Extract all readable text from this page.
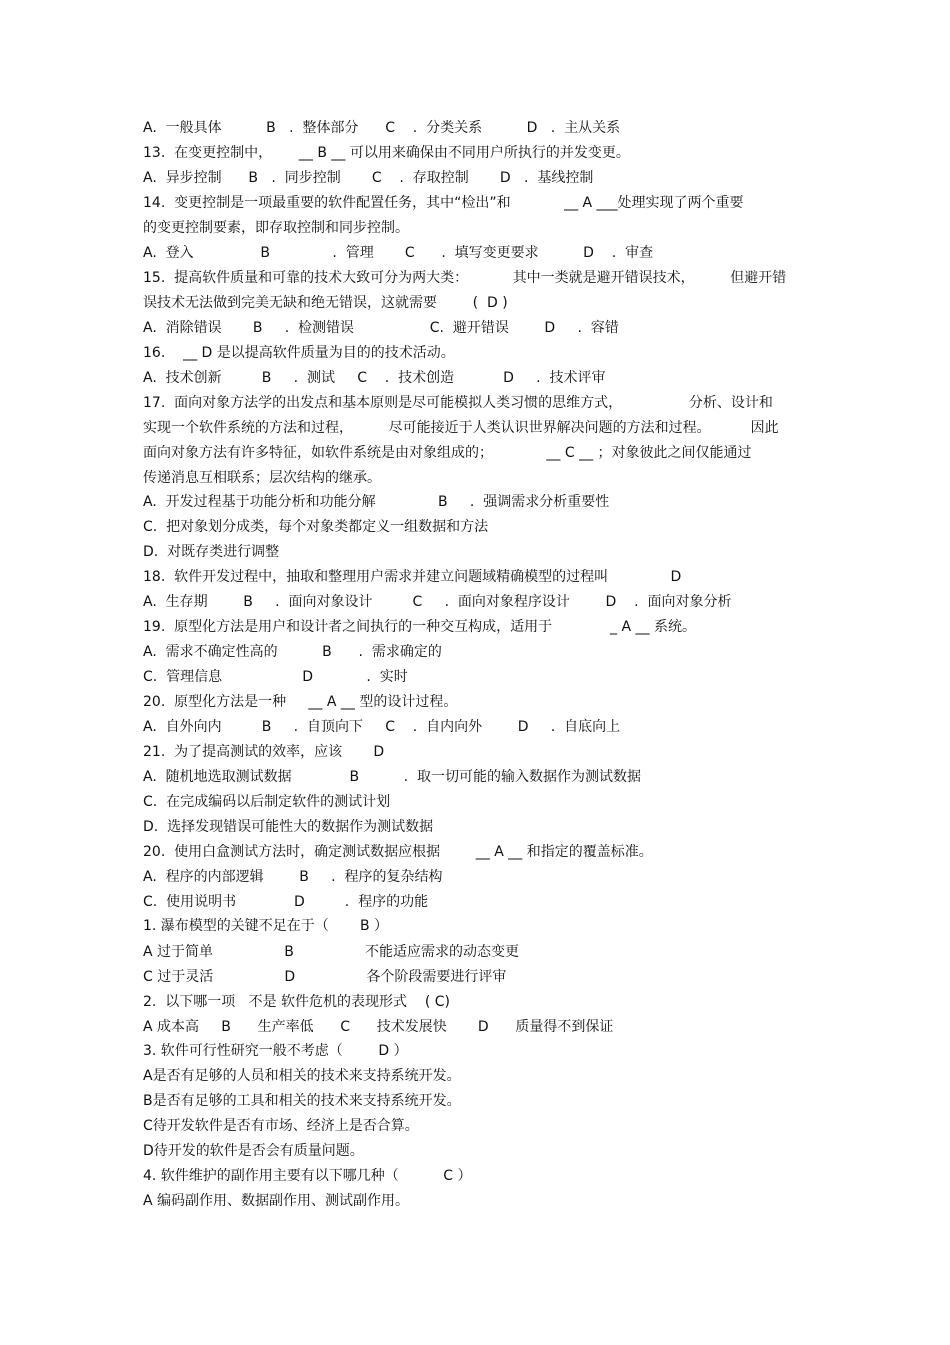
A.  一般具体          B   .  整体部分      C    .  分类关系          D   .  主从关系
13.  在变更控制中，      __ B __ 可以用来确保由不同用户所执行的并发变更。
A.  异步控制      B   .  同步控制       C    .  存取控制       D   .  基线控制
14.  变更控制是一项最重要的软件配置任务，其中“检出”和            __ A ___处理实现了两个重要
的变更控制要素，即存取控制和同步控制。
A.  登入               B              .  管理       C      .  填写变更要求          D    .  审查
15.  提高软件质量和可靠的技术大致可分为两大类：          其中一类就是避开错误技术，        但避开错
误技术无法做到完美无缺和绝无错误，这就需要        (  D )
A.  消除错误       B     .  检测错误                 C.  避开错误        D     .  容错
16.    __ D 是以提高软件质量为目的的技术活动。
A.  技术创新         B     .  测试     C    .  技术创造           D     .  技术评审
17.  面向对象方法学的出发点和基本原则是尽可能模拟人类习惯的思维方式，               分析、设计和
实现一个软件系统的方法和过程，        尽可能接近于人类认识世界解决问题的方法和过程。         因此
面向对象方法有许多特征，如软件系统是由对象组成的；            __ C __ ；对象彼此之间仅能通过
传递消息互相联系；层次结构的继承。
A.  开发过程基于功能分析和功能分解              B     .  强调需求分析重要性
C.  把对象划分成类，每个对象类都定义一组数据和方法
D.  对既存类进行调整
18.  软件开发过程中，抽取和整理用户需求并建立问题域精确模型的过程叫              D
A.  生存期        B     .  面向对象设计         C     .  面向对象程序设计        D    .  面向对象分析
19.  原型化方法是用户和设计者之间执行的一种交互构成，适用于             _ A __ 系统。
A.  需求不确定性高的          B      .  需求确定的
C.  管理信息                  D            .  实时
20.  原型化方法是一种     __ A __ 型的设计过程。
A.  自外向内         B     .  自顶向下     C    .  自内向外        D     .  自底向上
21.  为了提高测试的效率，应该       D
A.  随机地选取测试数据             B          .  取一切可能的输入数据作为测试数据
C.  在完成编码以后制定软件的测试计划
D.  选择发现错误可能性大的数据作为测试数据
20.  使用白盒测试方法时，确定测试数据应根据        __ A __ 和指定的覆盖标准。
A.  程序的内部逻辑        B     .  程序的复杂结构
C.  使用说明书             D         .  程序的功能
1. 瀑布模型的关键不足在于（       B ）
A 过于简单                B                不能适应需求的动态变更
C 过于灵活                D                各个阶段需要进行评审
2.  以下哪一项   不是 软件危机的表现形式    ( C)
A 成本高     B      生产率低      C      技术发展快       D      质量得不到保证
3. 软件可行性研究一般不考虑（        D ）
A是否有足够的人员和相关的技术来支持系统开发。
B是否有足够的工具和相关的技术来支持系统开发。
C待开发软件是否有市场、经济上是否合算。
D待开发的软件是否会有质量问题。
4. 软件维护的副作用主要有以下哪几种（          C ）
A 编码副作用、数据副作用、测试副作用。
